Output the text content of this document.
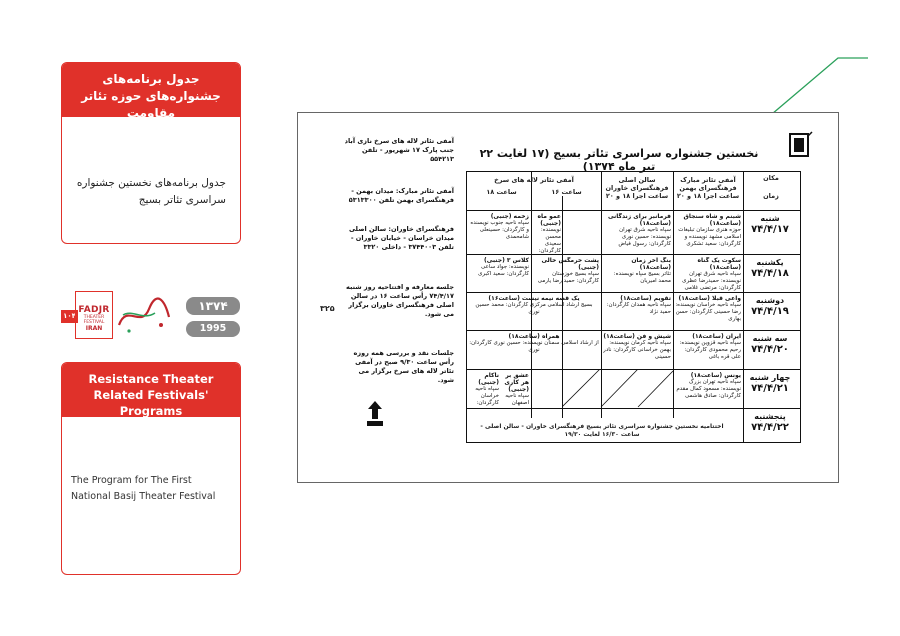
جدول برنامه‌های جشنواره‌های حوزه تئاتر مقاومت
جدول برنامه‌های نخستین جشنواره سراسری تئاتر بسیج
۱۰۴
FADJR
THEATER FESTIVAL
IRAN
۱۳۷۴
1995
Resistance Theater Related Festivals' Programs
The Program for The First National Basij Theater Festival
نخستین جشنواره سراسری تئاتر بسیج (۱۷ لغایت ۲۲ تیر ماه ۱۳۷۴)
مکان
زمان
آمفی تئاتر مبارک فرهنگسرای بهمن
ساعت اجرا ۱۸ و ۲۰
سالن اصلی فرهنگسرای خاوران
ساعت اجرا ۱۸ و ۲۰
آمفی تئاتر لاله های سرخ
ساعت ۱۶
ساعت ۱۸
شنبه
۷۴/۴/۱۷
یکشنبه
۷۴/۴/۱۸
دوشنبه
۷۴/۴/۱۹
سه شنبه
۷۴/۴/۲۰
چهار شنبه
۷۴/۴/۲۱
پنجشنبه
۷۴/۴/۲۲
شبنم و شاه سنجاق (ساعت۱۸)
حوزه هنری سازمان تبلیغات اسلامی مشهد نویسنده و کارگردان: سعید تشکری
فرمانبر برای زندگانی (ساعت۱۸)
سپاه ناحیه شرق تهران نویسنده: حسین نوری کارگردان: رسول فیاض
عمو ماه (جنبی)
نویسنده: محسن سعیدی کارگردان:
زخمه (جنبی)
سپاه ناحیه جنوب نویسنده و کارگردان: حسینعلی شامحمدی
سکوت یک گناه (ساعت۱۸)
سپاه ناحیه شرق تهران نویسنده: حمیدرضا عظری کارگردان: مرتضی غلامی
بنگ آخر زمان (ساعت۱۸)
تئاتر بسیج سپاه نویسنده: محمد امیریان
پشت خرمگس خالی (جنبی)
سپاه بسیج خوزستان کارگردان: حمید رضا یارمی
کلاس ۳ (جنبی)
نویسنده: جواد ساعی کارگردان: سعید اکبری
واعی قبلا (ساعت۱۸)
سپاه ناحیه خراسان نویسنده: رضا حسینی کارگردان: حسن بهاری
تقویم (ساعت۱۸)
سپاه ناحیه همدان کارگردان: حمید نژاد
یک قصه نیمه نیست (ساعت۱۶)
بسیج ارشاد اسلامی مرکزی کارگردان: محمد حسین نوری
ایران (ساعت۱۸)
سپاه ناحیه قزوین نویسنده: رحیم محمودی کارگردان: علی قره باغی
شیش و فن (ساعت۱۸)
سپاه ناحیه کرمان نویسنده: بهمن خراسانی کارگردان: نادر حسینی
همراه (ساعت۱۸)
از ارشاد اسلامی سمنان نویسنده: حسین نوری کارگردان: نوری
یونس (ساعت۱۸)
سپاه ناحیه تهران بزرگ نویسنده: مسعود کمال مقدم کارگردان: صادق هاشمی
عشق بر هر کاری (جنبی)
سپاه ناحیه اصفهان
ناکام (جنبی)
سپاه ناحیه خراسان کارگردان:
اختتامیه نخستین جشنواره سراسری تئاتر بسیج فرهنگسرای خاوران - سالن اصلی - ساعت ۱۶/۳۰ لغایت ۱۹/۳۰
آمفی تئاتر لاله های سرخ نازی آباد جنب پارک ۱۷ شهریور - تلفن ۵۵۴۲۱۳
آمفی تئاتر مبارک: میدان بهمن - فرهنگسرای بهمن تلفن ۵۳۱۳۳۰۰
فرهنگسرای خاوران: سالن اصلی میدان خراسان - خیابان خاوران - تلفن ۳۷۴۴۰۰۳ - داخلی ۳۳۲۰
جلسه معارفه و افتتاحیه روز شنبه ۷۴/۴/۱۷ رأس ساعت ۱۶ در سالن اصلی فرهنگسرای خاوران برگزار می شود.
جلسات نقد و بررسی همه روزه رأس ساعت ۹/۳۰ صبح در آمفی تئاتر لاله های سرخ برگزار می شود.
۳۲۵
